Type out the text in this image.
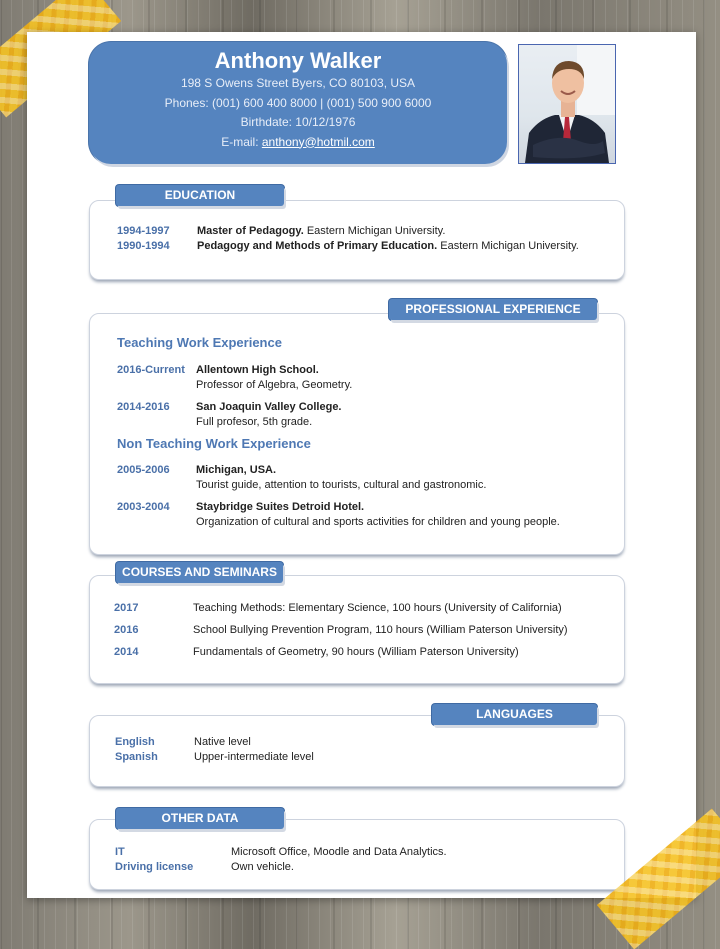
Anthony Walker
198 S Owens Street Byers, CO 80103, USA
Phones: (001) 600 400 8000 | (001) 500 900 6000
Birthdate: 10/12/1976
E-mail: anthony@hotmil.com
1994-1997 Master of Pedagogy. Eastern Michigan University.
1990-1994 Pedagogy and Methods of Primary Education. Eastern Michigan University.
EDUCATION
Teaching Work Experience
2016-Current Allentown High School.
Professor of Algebra, Geometry.
2014-2016 San Joaquin Valley College.
Full profesor, 5th grade.
Non Teaching Work Experience
2005-2006 Michigan, USA.
Tourist guide, attention to tourists, cultural and gastronomic.
2003-2004 Staybridge Suites Detroid Hotel.
Organization of cultural and sports activities for children and young people.
PROFESSIONAL EXPERIENCE
2017	Teaching Methods: Elementary Science, 100 hours (University of California)
2016	School Bullying Prevention Program, 110 hours (William Paterson University)
2014	Fundamentals of Geometry, 90 hours (William Paterson University)
COURSES AND SEMINARS
English	Native level
Spanish	Upper-intermediate level
LANGUAGES
IT	Microsoft Office, Moodle and Data Analytics.
Driving license	Own vehicle.
OTHER DATA
